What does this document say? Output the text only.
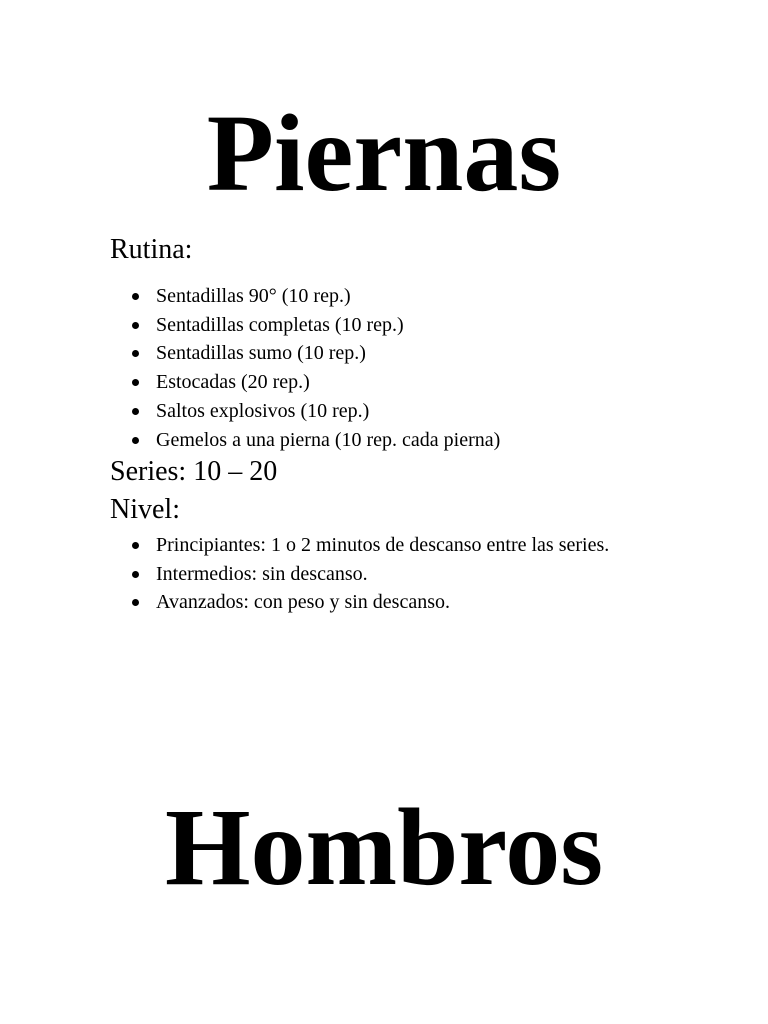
Piernas

Rutina:

Sentadillas 90° (10 rep.)
Sentadillas completas (10 rep.)
Sentadillas sumo (10 rep.)
Estocadas (20 rep.)
Saltos explosivos (10 rep.)
Gemelos a una pierna (10 rep. cada pierna)

Series: 10 – 20

Nivel:

Principiantes: 1 o 2 minutos de descanso entre las series.
Intermedios: sin descanso.
Avanzados: con peso y sin descanso.
Hombros
